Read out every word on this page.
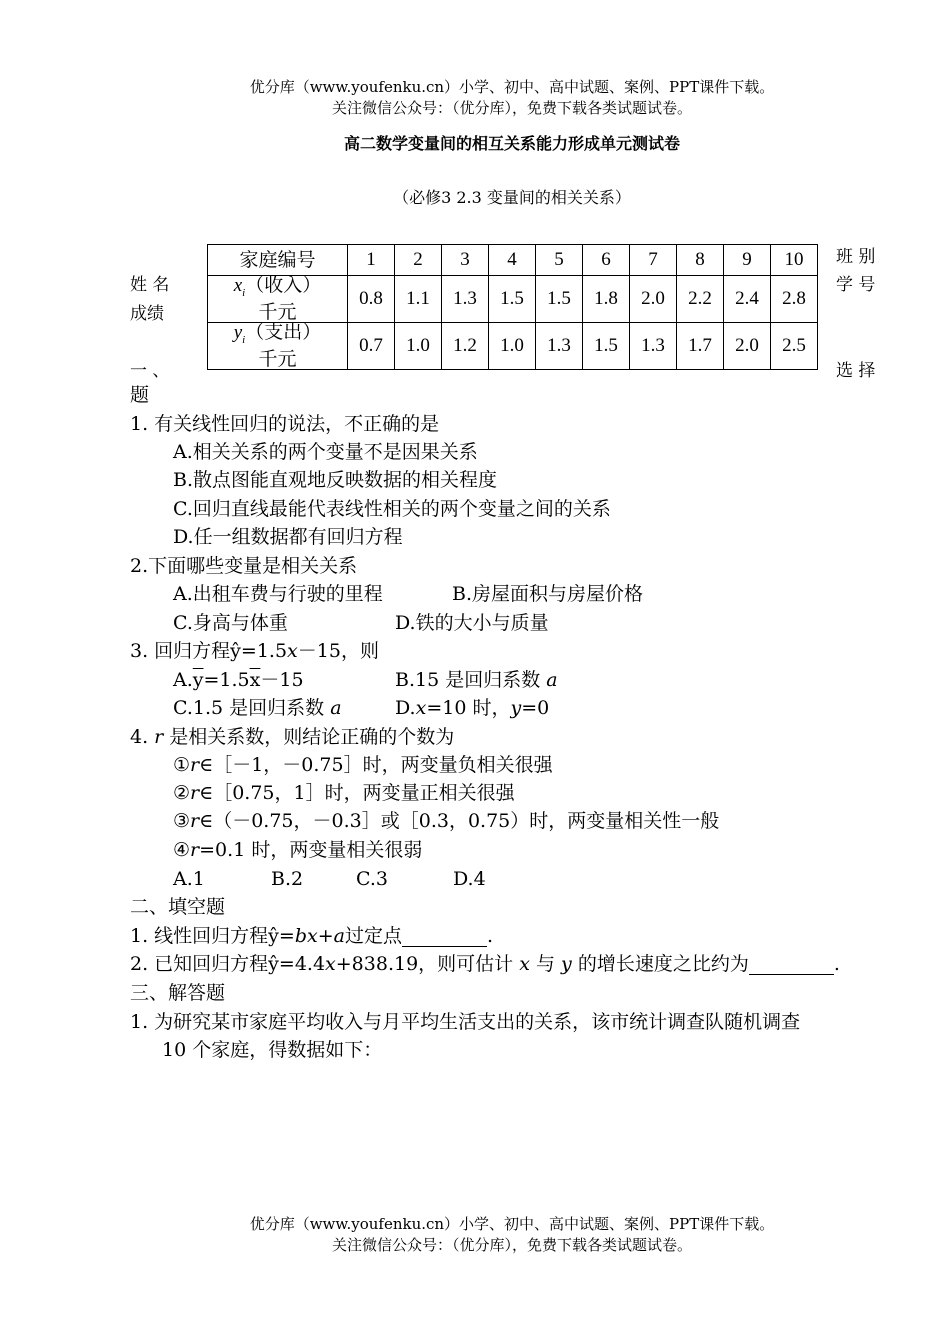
优分库（www.youfenku.cn）小学、初中、高中试题、案例、PPT课件下载。
关注微信公众号：（优分库），免费下载各类试题试卷。
高二数学变量间的相互关系能力形成单元测试卷
（必修3 2.3 变量间的相关关系）
姓 名
成绩
班 别
学 号
选 择
一 、
题
家庭编号	1	2	3	4	5	6	7	8	9	10

$x_i$（收入）
千元	0.8	1.1	1.3	1.5	1.5	1.8	2.0	2.2	2.4	2.8

$y_i$（支出）
千元	0.7	1.0	1.2	1.0	1.3	1.5	1.3	1.7	2.0	2.5
1. 有关线性回归的说法，不正确的是
A.相关关系的两个变量不是因果关系
B.散点图能直观地反映数据的相关程度
C.回归直线最能代表线性相关的两个变量之间的关系
D.任一组数据都有回归方程
2.下面哪些变量是相关关系
A.出租车费与行驶的里程	B.房屋面积与房屋价格
C.身高与体重	D.铁的大小与质量
3. 回归方程ŷ=1.5x－15，则
$A.\overline{y}=1.5\overline{x}-15$	B.15 是回归系数 a
C.1.5 是回归系数 a	D.x=10 时，y=0
4. r 是相关系数，则结论正确的个数为
①r∈［－1，－0.75］时，两变量负相关很强
②r∈［0.75，1］时，两变量正相关很强
③r∈（－0.75，－0.3］或［0.3，0.75）时，两变量相关性一般
④r=0.1 时，两变量相关很弱
A.1	B.2	C.3	D.4
二、填空题
1. 线性回归方程ŷ=bx+a过定点	.
2. 已知回归方程ŷ=4.4x+838.19，则可估计 x 与 y 的增长速度之比约为	.
三、解答题
1. 为研究某市家庭平均收入与月平均生活支出的关系，该市统计调查队随机调查
10 个家庭，得数据如下：
优分库（www.youfenku.cn）小学、初中、高中试题、案例、PPT课件下载。
关注微信公众号：（优分库），免费下载各类试题试卷。
